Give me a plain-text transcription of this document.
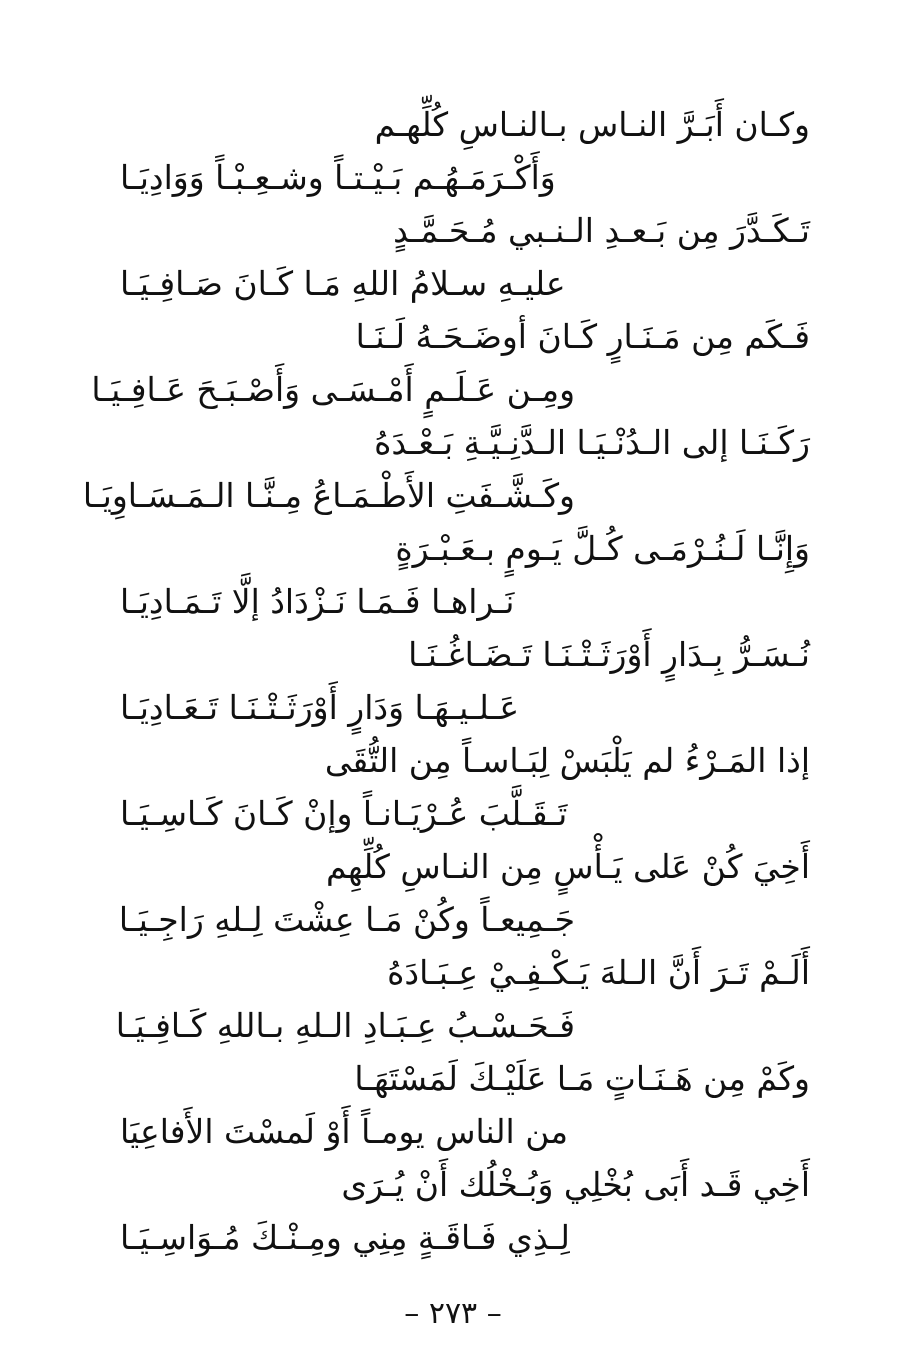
وكـان أَبَـرَّ النـاس بـالنـاسِ كُلِّهـم
وَأَكْـرَمَـهُـم بَـيْـتـاً وشـعِـبْـاً وَوَادِيَـا
تَـكَـدَّرَ مِن بَـعـدِ الـنـبي مُـحَـمَّـدٍ
عليـهِ سـلامُ اللهِ مَـا كَـانَ صَـافِـيَـا
فَـكَم مِن مَـنَـارٍ كَـانَ أوضَـحَـهُ لَـنَـا
ومِـن عَـلَـمٍ أَمْـسَـى وَأَصْـبَـحَ عَـافِـيَـا
رَكَـنَـا إلى الـدُنْـيَـا الـدَّنِـيَّـةِ بَـعْـدَهُ
وكَـشَّـفَتِ الأَطْـمَـاعُ مِـنَّـا الـمَـسَـاوِيَـا
وَإِنَّـا لَـنُـرْمَـى كُـلَّ يَـومٍ بـعَـبْـرَةٍ
نَـراهـا فَـمَـا نَـزْدَادُ إلَّا تَـمَـادِيَـا
نُـسَـرُّ بِـدَارٍ أَوْرَثَـتْـنَـا تَـضَـاغُـنَـا
عَـلـيـهَـا وَدَارٍ أَوْرَثَـتْـنَـا تَـعَـادِيَـا
إذا المَـرْءُ لم يَلْبَسْ لِبَـاسـاً مِن التُّقَى
تَـقَـلَّبَ عُـرْيَـانـاً وإنْ كَـانَ كَـاسِـيَـا
أَخِيَ كُنْ عَلى يَـأْسٍ مِن النـاسِ كُلِّهِم
جَـمِيعـاً وكُنْ مَـا عِشْتَ لِـلهِ رَاجِـيَـا
أَلَـمْ تَـرَ أَنَّ الـلهَ يَـكْـفِـيْ عِـبَـادَهُ
فَـحَـسْـبُ عِـبَـادِ الـلهِ بـاللهِ كَـافِـيَـا
وكَمْ مِن هَـنَـاتٍ مَـا عَلَيْـكَ لَمَسْتَهَـا
من الناس يومـاً أَوْ لَمسْتَ الأَفاعِيَا
أَخِي قَـد أَبَى بُخْلِي وَبُـخْلُك أَنْ يُـرَى
لِـذِي فَـاقَـةٍ مِنِي ومِـنْـكَ مُـوَاسِـيَـا
– ٢٧٣ –
